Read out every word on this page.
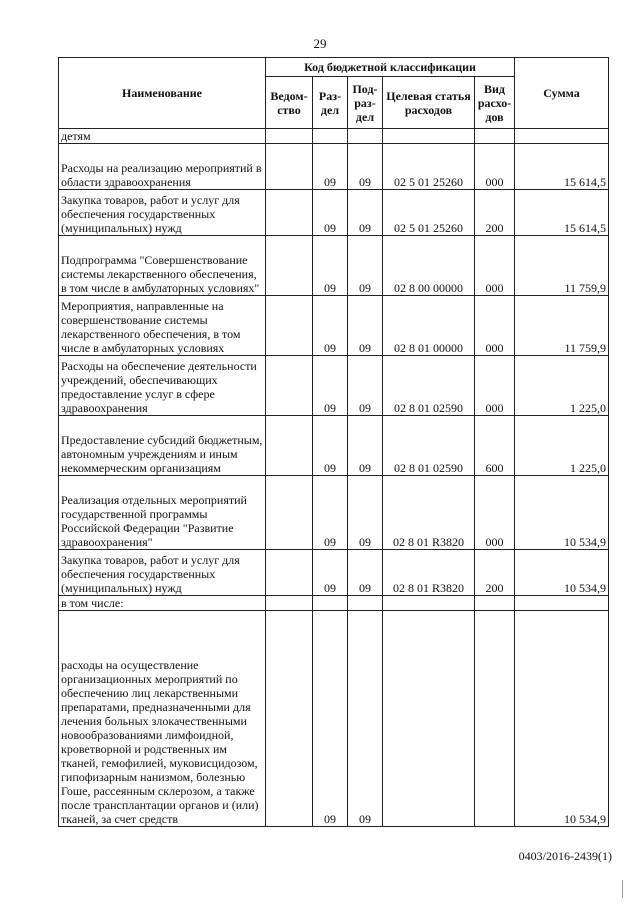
29
Наименование	Код бюджетной классификации					Сумма
	Ведом-ство	Раз-дел	Под-раз-дел	Целевая статья расходов	Вид расхо-дов	
детям						
Расходы на реализацию мероприятий в области здравоохранения		09	09	02 5 01 25260	000	15 614,5
Закупка товаров, работ и услуг для обеспечения государственных (муниципальных) нужд		09	09	02 5 01 25260	200	15 614,5
Подпрограмма "Совершенствование системы лекарственного обеспечения, в том числе в амбулаторных условиях"		09	09	02 8 00 00000	000	11 759,9
Мероприятия, направленные на совершенствование системы лекарственного обеспечения, в том числе в амбулаторных условиях		09	09	02 8 01 00000	000	11 759,9
Расходы на обеспечение деятельности учреждений, обеспечивающих предоставление услуг в сфере здравоохранения		09	09	02 8 01 02590	000	1 225,0
Предоставление субсидий бюджетным, автономным учреждениям и иным некоммерческим организациям		09	09	02 8 01 02590	600	1 225,0
Реализация отдельных мероприятий государственной программы Российской Федерации "Развитие здравоохранения"		09	09	02 8 01 R3820	000	10 534,9
Закупка товаров, работ и услуг для обеспечения государственных (муниципальных) нужд		09	09	02 8 01 R3820	200	10 534,9
в том числе:						
расходы на осуществление организационных мероприятий по обеспечению лиц лекарственными препаратами, предназначенными для лечения больных злокачественными новообразованиями лимфоидной, кроветворной и родственных им тканей, гемофилией, муковисцидозом, гипофизарным нанизмом, болезнью Гоше, рассеянным склерозом, а также после трансплантации органов и (или) тканей, за счет средств		09	09			10 534,9
0403/2016-2439(1)
